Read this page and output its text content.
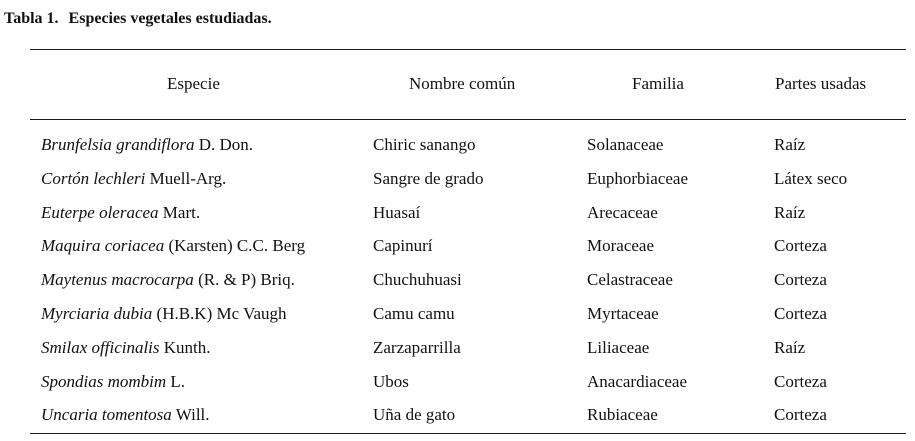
Tabla 1. Especies vegetales estudiadas.
Especie	Nombre común	Familia	Partes usadas
Brunfelsia grandiflora D. Don.	Chiric sanango	Solanaceae	Raíz
Cortón lechleri Muell-Arg.	Sangre de grado	Euphorbiaceae	Látex seco
Euterpe oleracea Mart.	Huasaí	Arecaceae	Raíz
Maquira coriacea (Karsten) C.C. Berg	Capinurí	Moraceae	Corteza
Maytenus macrocarpa (R. & P) Briq.	Chuchuhuasi	Celastraceae	Corteza
Myrciaria dubia (H.B.K) Mc Vaugh	Camu camu	Myrtaceae	Corteza
Smilax officinalis Kunth.	Zarzaparrilla	Liliaceae	Raíz
Spondias mombim L.	Ubos	Anacardiaceae	Corteza
Uncaria tomentosa Will.	Uña de gato	Rubiaceae	Corteza
